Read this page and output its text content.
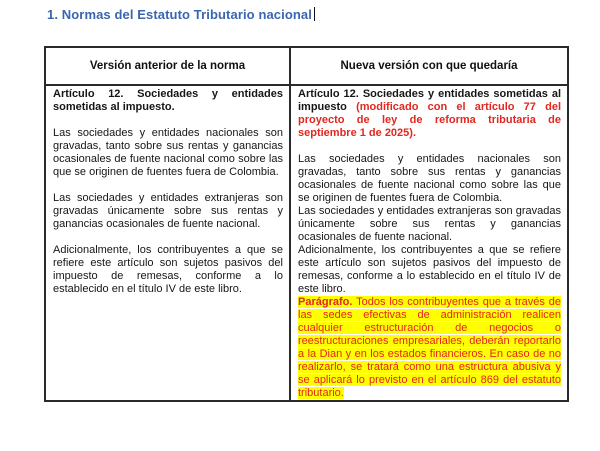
1. Normas del Estatuto Tributario nacional
Versión anterior de la norma	Nueva versión con que quedaría

Artículo 12. Sociedades y entidades sometidas al impuesto.

Las sociedades y entidades nacionales son gravadas, tanto sobre sus rentas y ganancias ocasionales de fuente nacional como sobre las que se originen de fuentes fuera de Colombia.

Las sociedades y entidades extranjeras son gravadas únicamente sobre sus rentas y ganancias ocasionales de fuente nacional.

Adicionalmente, los contribuyentes a que se refiere este artículo son sujetos pasivos del impuesto de remesas, conforme a lo establecido en el título IV de este libro.

Artículo 12. Sociedades y entidades sometidas al impuesto (modificado con el artículo 77 del proyecto de ley de reforma tributaria de septiembre 1 de 2025).

Las sociedades y entidades nacionales son gravadas, tanto sobre sus rentas y ganancias ocasionales de fuente nacional como sobre las que se originen de fuentes fuera de Colombia.

Las sociedades y entidades extranjeras son gravadas únicamente sobre sus rentas y ganancias ocasionales de fuente nacional.

Adicionalmente, los contribuyentes a que se refiere este artículo son sujetos pasivos del impuesto de remesas, conforme a lo establecido en el título IV de este libro.

Parágrafo. Todos los contribuyentes que a través de las sedes efectivas de administración realicen cualquier estructuración de negocios o reestructuraciones empresariales, deberán reportarlo a la Dian y en los estados financieros. En caso de no realizarlo, se tratará como una estructura abusiva y se aplicará lo previsto en el artículo 869 del estatuto tributario.
